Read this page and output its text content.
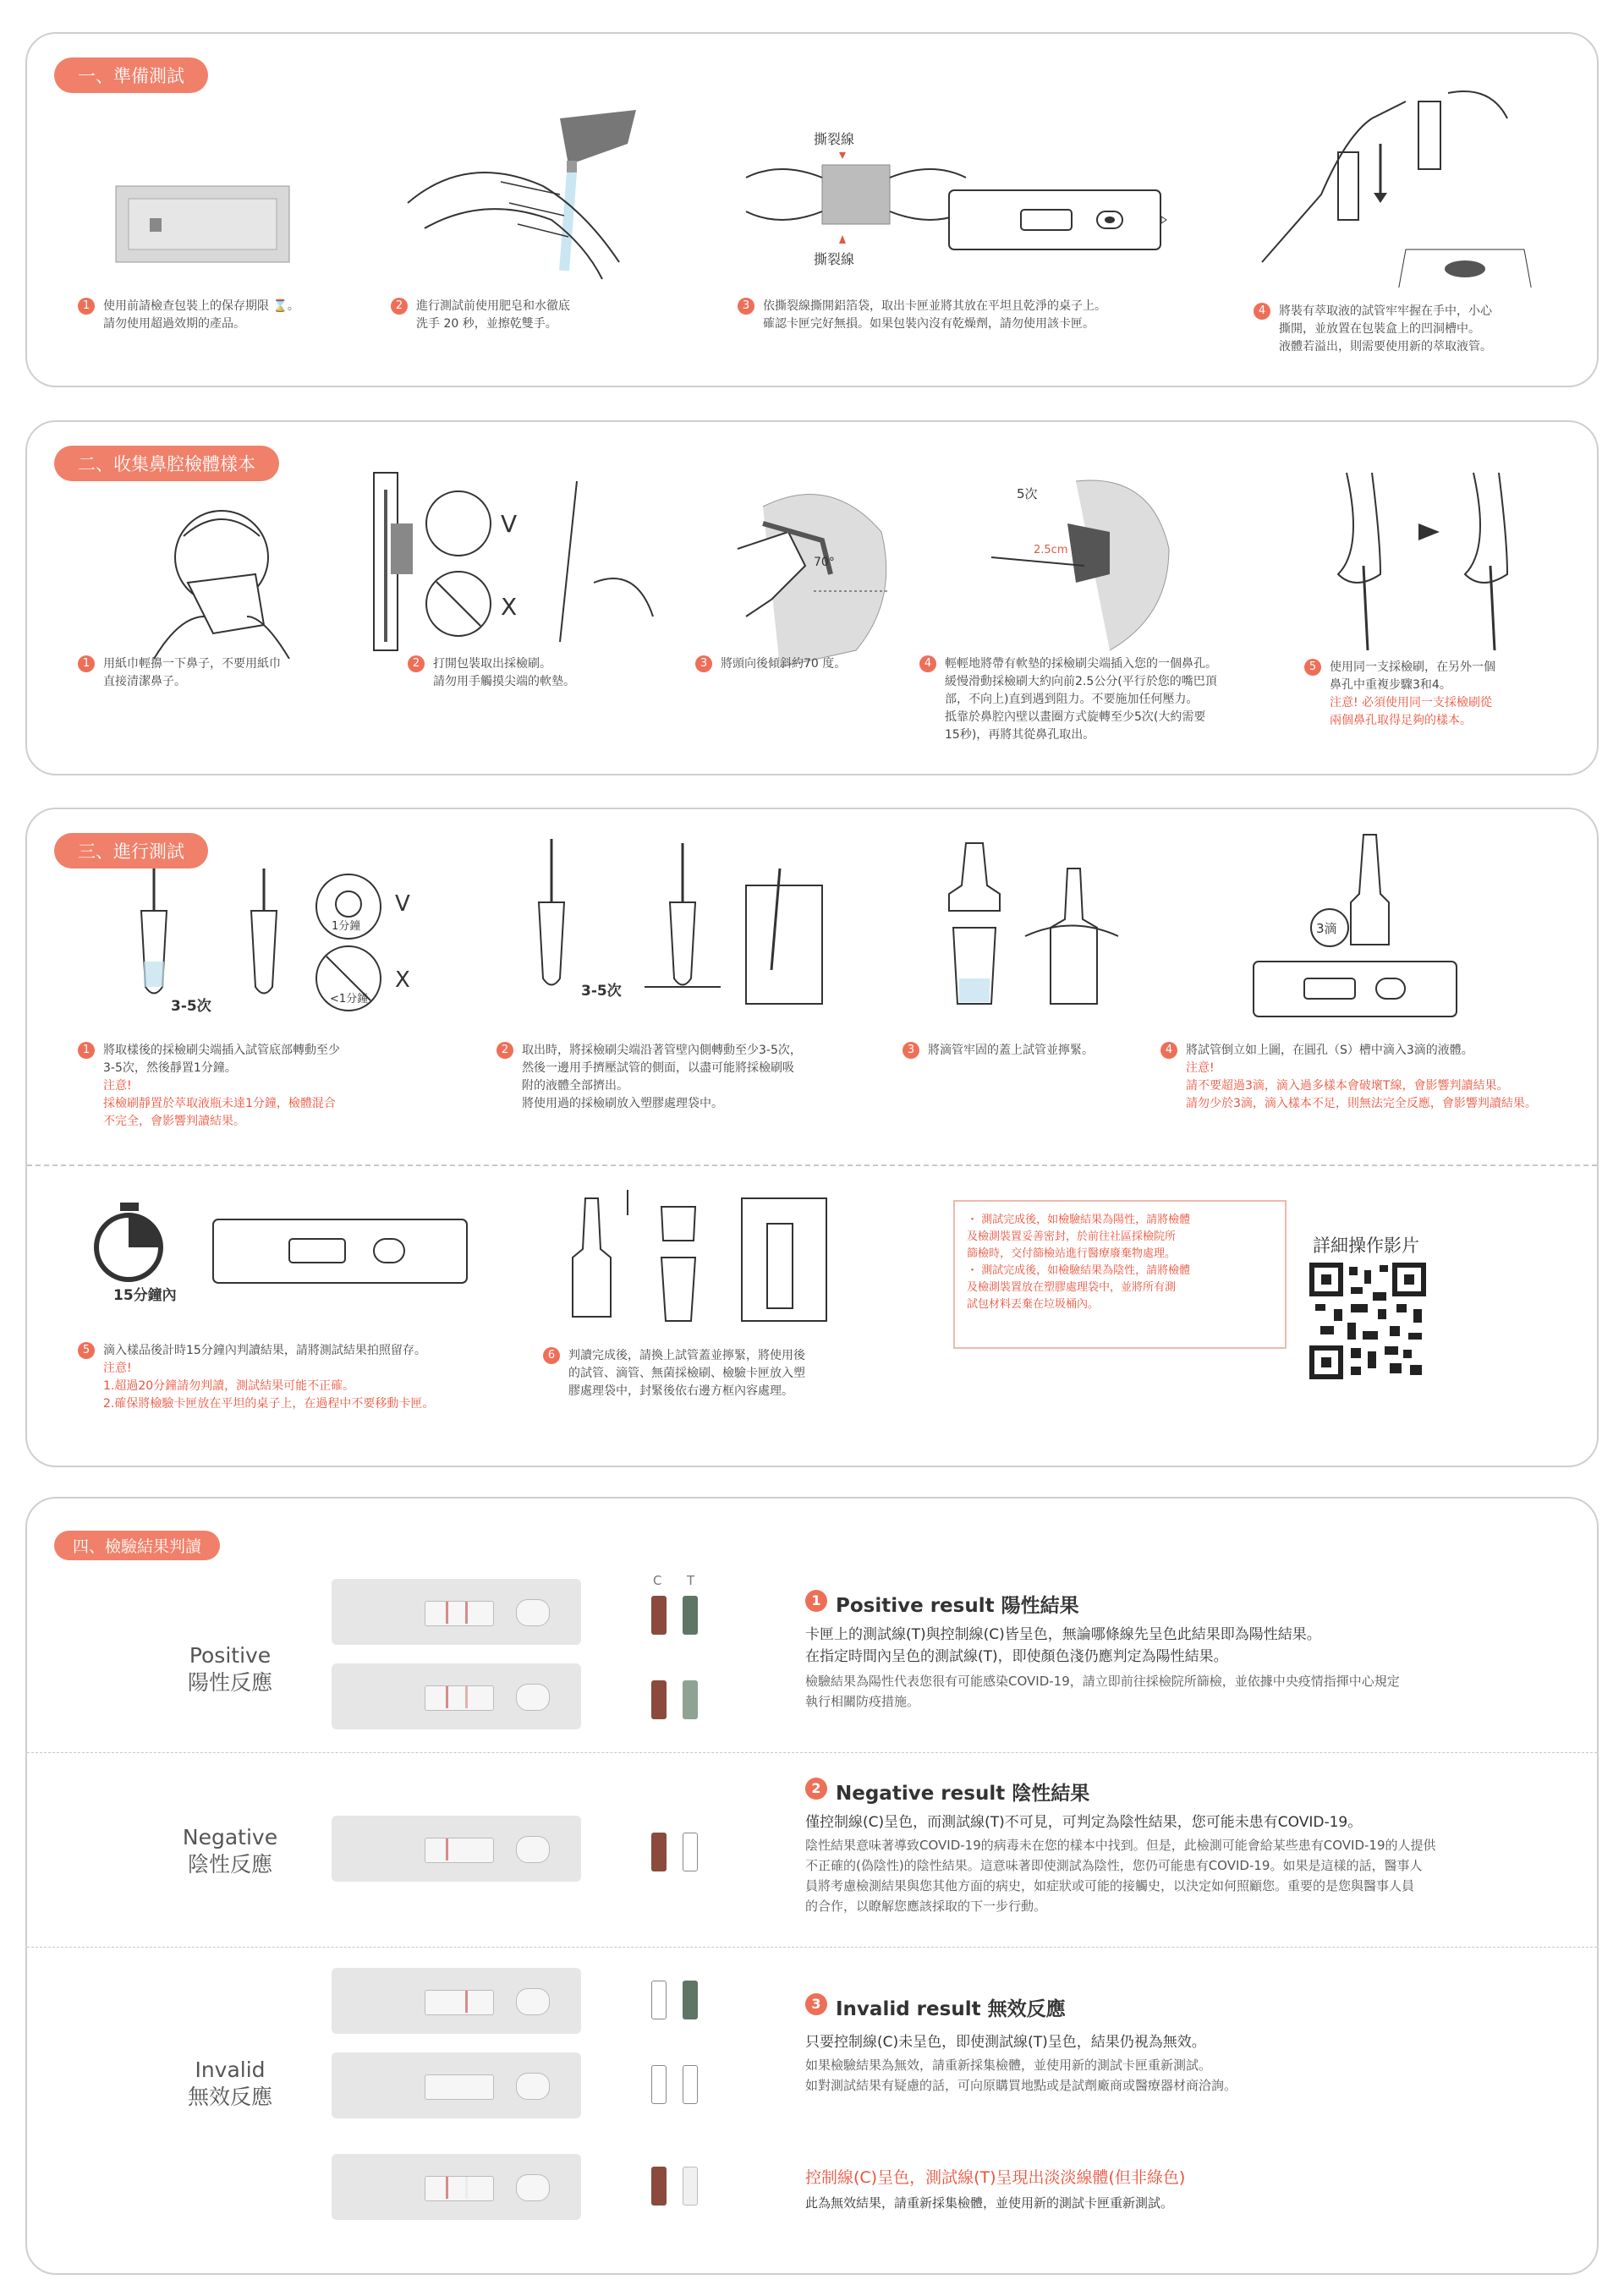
一、準備測試
撕裂線
撕裂線
1 使用前請檢查包裝上的保存期限 ⌛。
請勿使用超過效期的產品。
2 進行測試前使用肥皂和水徹底
洗手 20 秒，並擦乾雙手。
3 依撕裂線撕開鋁箔袋，取出卡匣並將其放在平坦且乾淨的桌子上。
確認卡匣完好無損。如果包裝內沒有乾燥劑，請勿使用該卡匣。
4 將裝有萃取液的試管牢牢握在手中，小心
撕開，並放置在包裝盒上的凹洞槽中。
液體若溢出，則需要使用新的萃取液管。
二、收集鼻腔檢體樣本
V
X
70°
5次
2.5cm
1 用紙巾輕擤一下鼻子，不要用紙巾
直接清潔鼻子。
2 打開包裝取出採檢刷。
請勿用手觸摸尖端的軟墊。
3 將頭向後傾斜約70 度。	4 輕輕地將帶有軟墊的採檢刷尖端插入您的一個鼻孔。
緩慢滑動採檢刷大約向前2.5公分(平行於您的嘴巴頂
部，不向上)直到遇到阻力。不要施加任何壓力。
抵靠於鼻腔內壁以畫圈方式旋轉至少5次(大約需要
15秒)，再將其從鼻孔取出。
5 使用同一支採檢刷，在另外一個
鼻孔中重複步驟3和4。
注意! 必須使用同一支採檢刷從
兩個鼻孔取得足夠的樣本。
三、進行測試
3-5次
1分鐘
V
<1分鐘
X	3-5次
3滴
1 將取樣後的採檢刷尖端插入試管底部轉動至少
3-5次，然後靜置1分鐘。
注意!
採檢刷靜置於萃取液瓶未達1分鐘，檢體混合
不完全，會影響判讀結果。
2 取出時，將採檢刷尖端沿著管壁內側轉動至少3-5次，
然後一邊用手擠壓試管的側面，以盡可能將採檢刷吸
附的液體全部擠出。
將使用過的採檢刷放入塑膠處理袋中。
3 將滴管牢固的蓋上試管並擰緊。	4 將試管倒立如上圖，在圓孔（S）槽中滴入3滴的液體。
注意!
請不要超過3滴，滴入過多樣本會破壞T線，會影響判讀結果。
請勿少於3滴，滴入樣本不足，則無法完全反應，會影響判讀結果。
15分鐘內

・ 測試完成後，如檢驗結果為陽性，請將檢體
及檢測裝置妥善密封，於前往社區採檢院所
篩檢時，交付篩檢站進行醫療廢棄物處理。
・ 測試完成後，如檢驗結果為陰性，請將檢體
及檢測裝置放在塑膠處理袋中，並將所有測
試包材料丟棄在垃圾桶內。

詳細操作影片
5 滴入樣品後計時15分鐘內判讀結果，請將測試結果拍照留存。
注意!
1.超過20分鐘請勿判讀，測試結果可能不正確。
2.確保將檢驗卡匣放在平坦的桌子上，在過程中不要移動卡匣。
6 判讀完成後，請換上試管蓋並擰緊，將使用後
的試管、滴管、無菌採檢刷、檢驗卡匣放入塑
膠處理袋中，封緊後依右邊方框內容處理。
四、檢驗結果判讀
C T
Positive
陽性反應
1 Positive result 陽性結果
卡匣上的測試線(T)與控制線(C)皆呈色，無論哪條線先呈色此結果即為陽性結果。
在指定時間內呈色的測試線(T)，即使顏色淺仍應判定為陽性結果。
檢驗結果為陽性代表您很有可能感染COVID-19，請立即前往採檢院所篩檢，並依據中央疫情指揮中心規定
執行相關防疫措施。
Negative
陰性反應
2 Negative result 陰性結果
僅控制線(C)呈色，而測試線(T)不可見，可判定為陰性結果，您可能未患有COVID-19。
陰性結果意味著導致COVID-19的病毒未在您的樣本中找到。但是，此檢測可能會給某些患有COVID-19的人提供
不正確的(偽陰性)的陰性結果。這意味著即使測試為陰性，您仍可能患有COVID-19。如果是這樣的話，醫事人
員將考慮檢測結果與您其他方面的病史，如症狀或可能的接觸史，以決定如何照顧您。重要的是您與醫事人員
的合作，以瞭解您應該採取的下一步行動。
Invalid
無效反應
3 Invalid result 無效反應
只要控制線(C)未呈色，即使測試線(T)呈色，結果仍視為無效。
如果檢驗結果為無效，請重新採集檢體，並使用新的測試卡匣重新測試。
如對測試結果有疑慮的話，可向原購買地點或是試劑廠商或醫療器材商洽詢。
控制線(C)呈色，測試線(T)呈現出淡淡線體(但非綠色)
此為無效結果，請重新採集檢體，並使用新的測試卡匣重新測試。
